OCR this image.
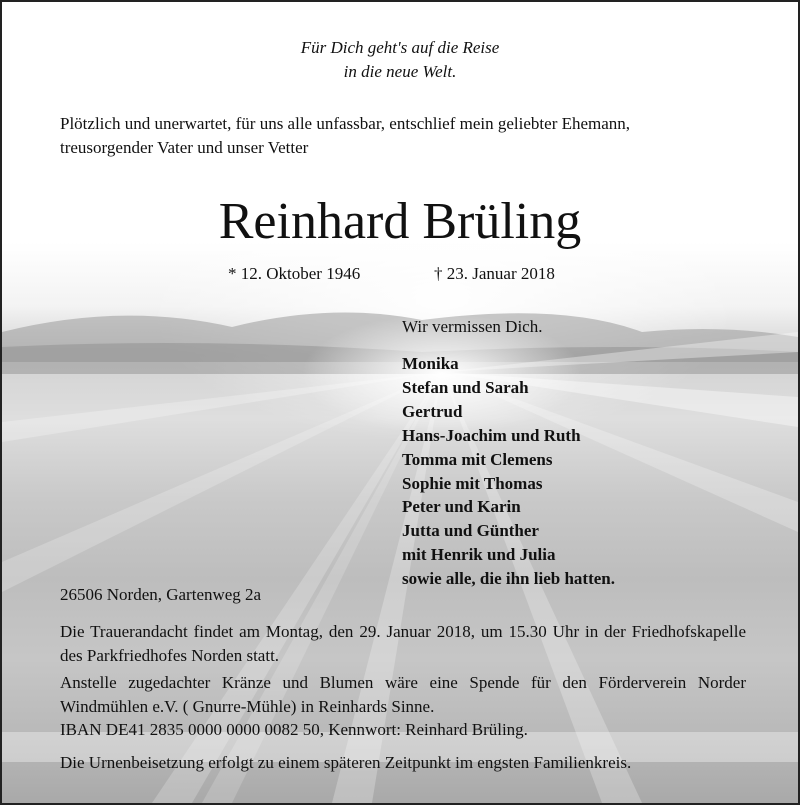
Für Dich geht's auf die Reise
in die neue Welt.
Plötzlich und unerwartet, für uns alle unfassbar, entschlief mein geliebter Ehemann,
treusorgender Vater und unser Vetter
Reinhard Brüling
* 12. Oktober 1946	† 23. Januar 2018
Wir vermissen Dich.
Monika
Stefan und Sarah
Gertrud
Hans-Joachim und Ruth
Tomma mit Clemens
Sophie mit Thomas
Peter und Karin
Jutta und Günther
mit Henrik und Julia
sowie alle, die ihn lieb hatten.
26506 Norden, Gartenweg 2a
Die Trauerandacht findet am Montag, den 29. Januar 2018, um 15.30 Uhr in der Friedhofskapelle des Parkfriedhofes Norden statt.
Anstelle zugedachter Kränze und Blumen wäre eine Spende für den Förderverein Norder Windmühlen e.V. ( Gnurre-Mühle) in Reinhards Sinne.
IBAN DE41 2835 0000 0000 0082 50, Kennwort: Reinhard Brüling.
Die Urnenbeisetzung erfolgt zu einem späteren Zeitpunkt im engsten Familienkreis.
